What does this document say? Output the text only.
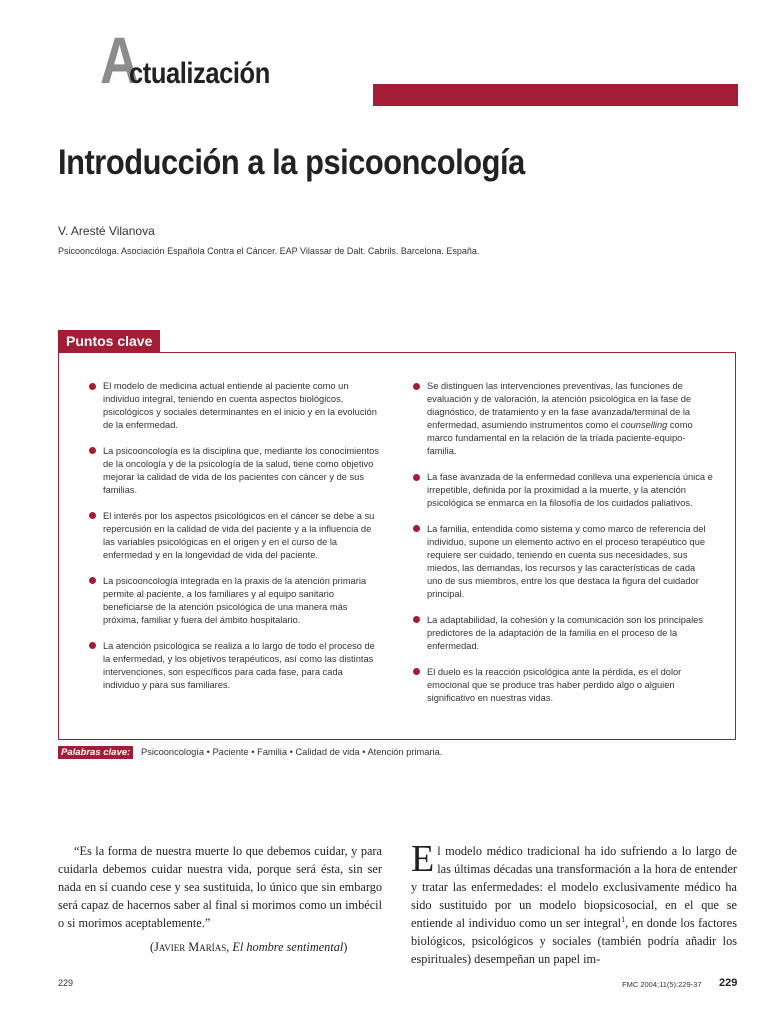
A
ctualización
Introducción a la psicooncología
V. Aresté Vilanova
Psicooncóloga. Asociación Española Contra el Cáncer. EAP Vilassar de Dalt. Cabrils. Barcelona. España.
Puntos clave
El modelo de medicina actual entiende al paciente como un individuo integral, teniendo en cuenta aspectos biológicos, psicológicos y sociales determinantes en el inicio y en la evolución de la enfermedad.
La psicooncología es la disciplina que, mediante los conocimientos de la oncología y de la psicología de la salud, tiene como objetivo mejorar la calidad de vida de los pacientes con cáncer y de sus familias.
El interés por los aspectos psicológicos en el cáncer se debe a su repercusión en la calidad de vida del paciente y a la influencia de las variables psicológicas en el origen y en el curso de la enfermedad y en la longevidad de vida del paciente.
La psicooncología integrada en la praxis de la atención primaria permite al paciente, a los familiares y al equipo sanitario beneficiarse de la atención psicológica de una manera más próxima, familiar y fuera del ámbito hospitalario.
La atención psicológica se realiza a lo largo de todo el proceso de la enfermedad, y los objetivos terapéuticos, así como las distintas intervenciones, son específicos para cada fase, para cada individuo y para sus familiares.
Se distinguen las intervenciones preventivas, las funciones de evaluación y de valoración, la atención psicológica en la fase de diagnóstico, de tratamiento y en la fase avanzada/terminal de la enfermedad, asumiendo instrumentos como el counselling como marco fundamental en la relación de la tríada paciente-equipo-familia.
La fase avanzada de la enfermedad conlleva una experiencia única e irrepetible, definida por la proximidad a la muerte, y la atención psicológica se enmarca en la filosofía de los cuidados paliativos.
La familia, entendida como sistema y como marco de referencia del individuo, supone un elemento activo en el proceso terapéutico que requiere ser cuidado, teniendo en cuenta sus necesidades, sus miedos, las demandas, los recursos y las características de cada uno de sus miembros, entre los que destaca la figura del cuidador principal.
La adaptabilidad, la cohesión y la comunicación son los principales predictores de la adaptación de la familia en el proceso de la enfermedad.
El duelo es la reacción psicológica ante la pérdida, es el dolor emocional que se produce tras haber perdido algo o alguien significativo en nuestras vidas.
Palabras clave:	Psicooncología • Paciente • Familia • Calidad de vida • Atención primaria.
“Es la forma de nuestra muerte lo que debemos cuidar, y para cuidarla debemos cuidar nuestra vida, porque será ésta, sin ser nada en sí cuando cese y sea sustituida, lo único que sin embargo será capaz de hacernos saber al final si morimos como un imbécil o si morimos aceptablemente.”
(Javier Marías, El hombre sentimental)
El modelo médico tradicional ha ido sufriendo a lo largo de las últimas décadas una transformación a la hora de entender y tratar las enfermedades: el modelo exclusivamente médico ha sido sustituido por un modelo biopsicosocial, en el que se entiende al individuo como un ser integral$^1$, en donde los factores biológicos, psicológicos y sociales (también podría añadir los espirituales) desempeñan un papel im-
229	FMC 2004;11(5):229-37 229
